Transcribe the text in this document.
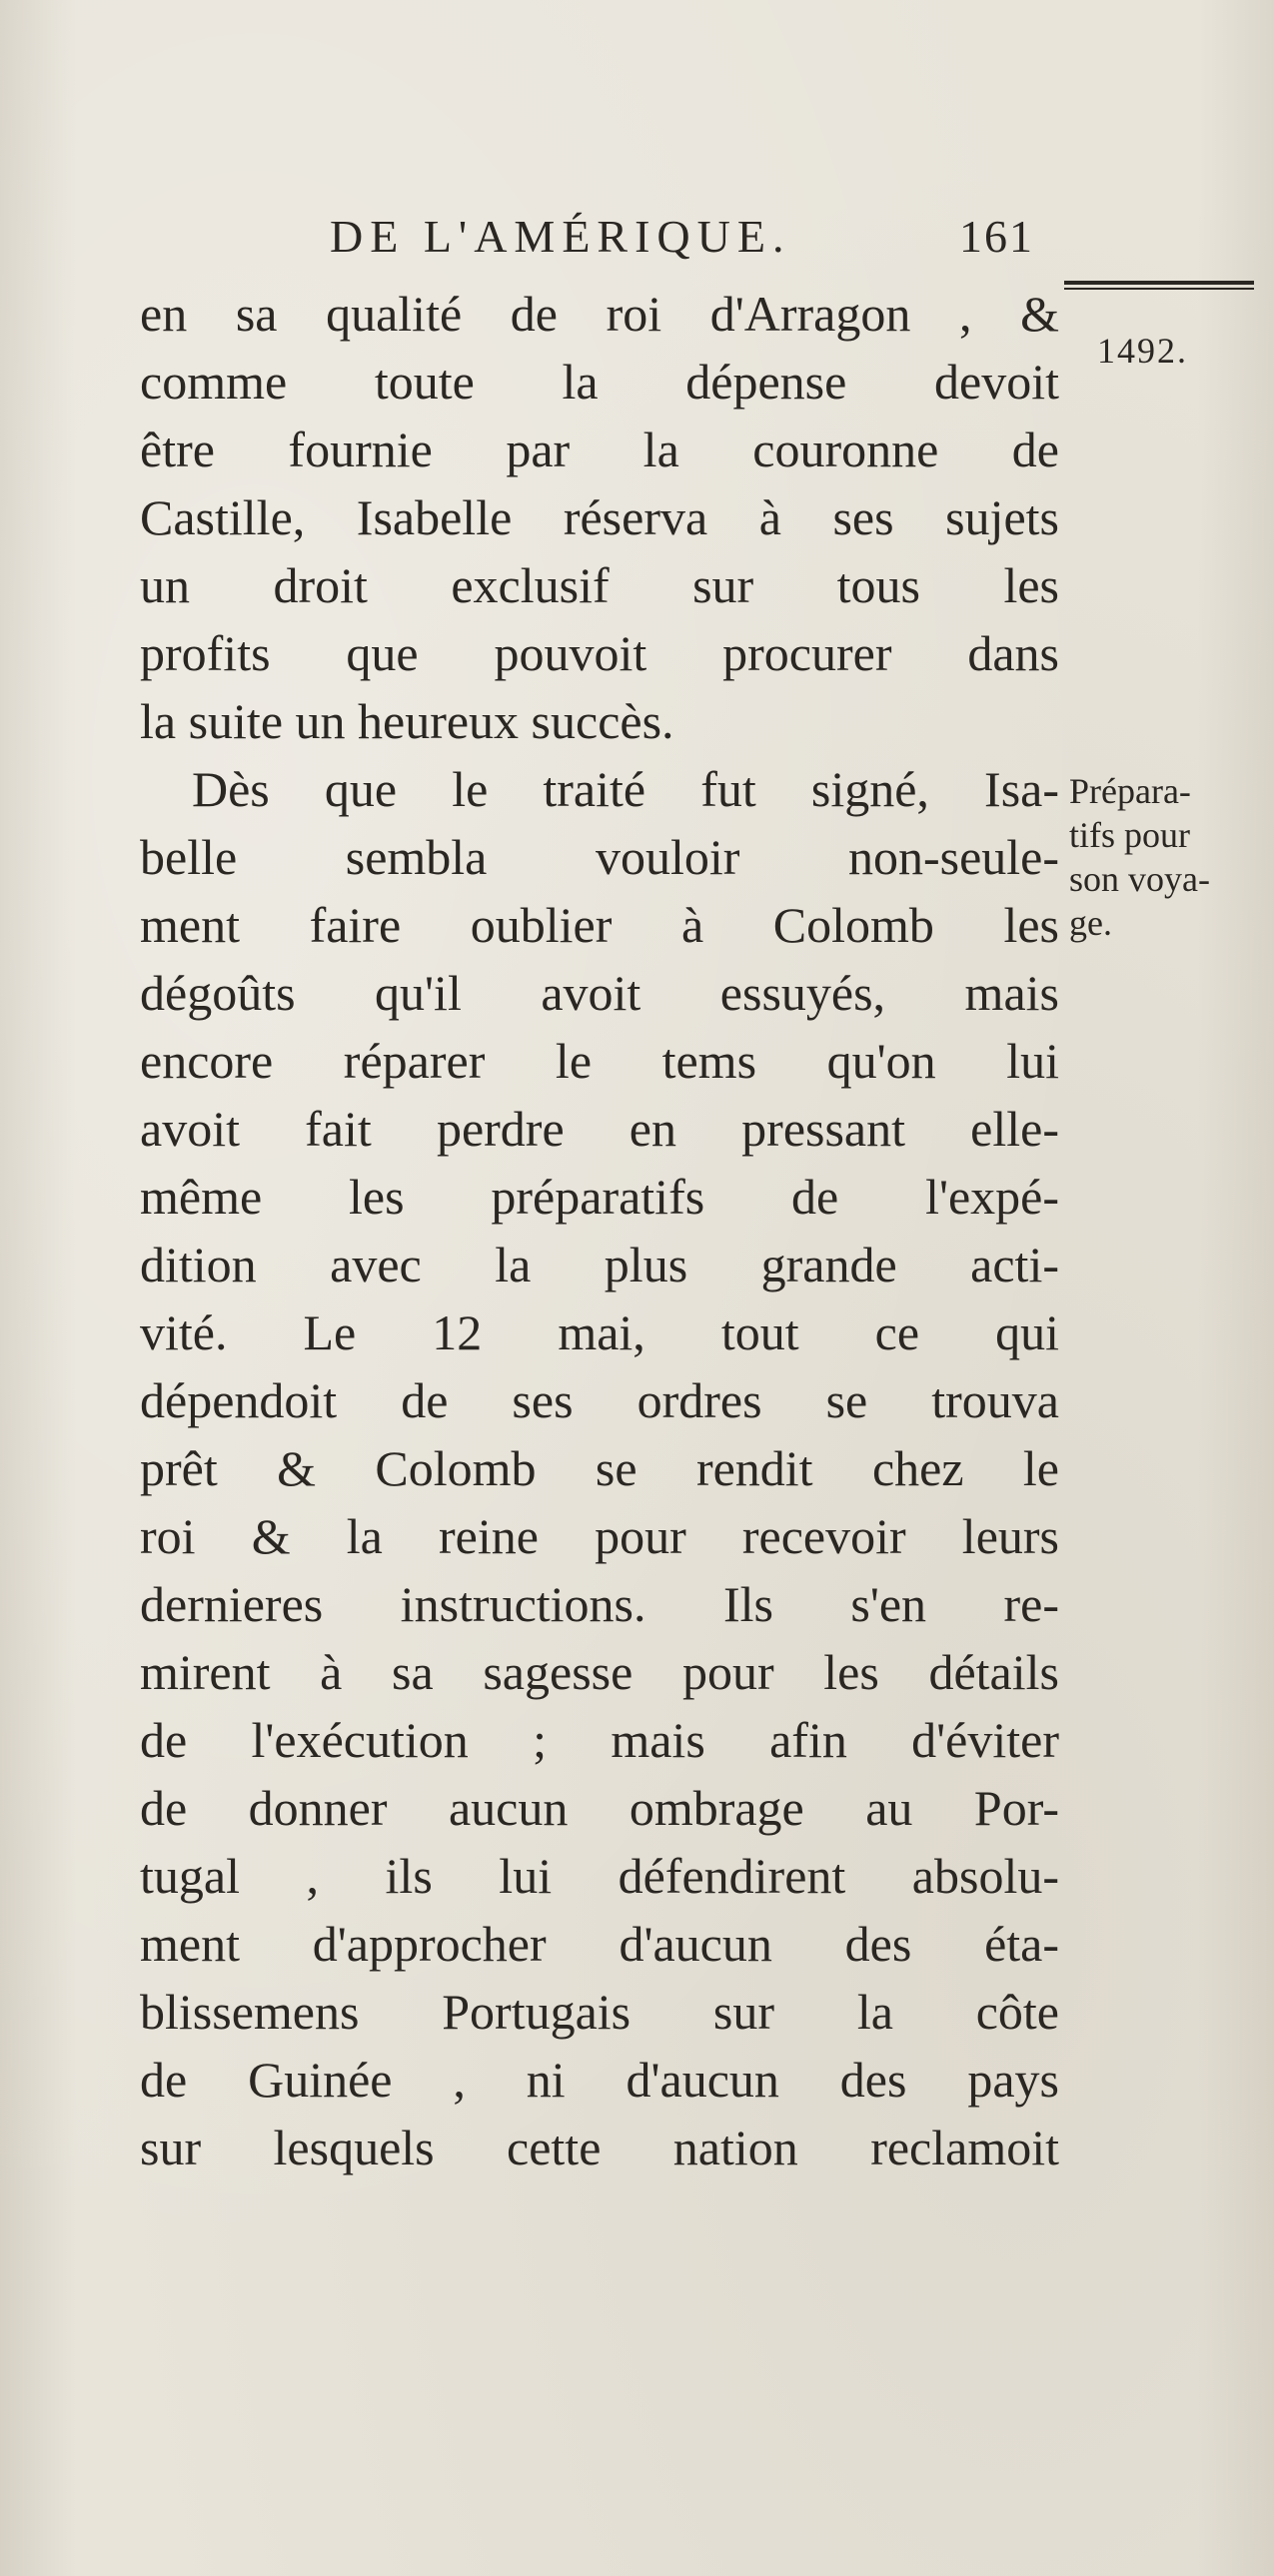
DE L'AMÉRIQUE.	161
1492.
Prépara-
tifs pour
son voya-
ge.
en sa qualité de roi d'Arragon , &
comme toute la dépense devoit
être fournie par la couronne de
Castille, Isabelle réserva à ses sujets
un droit exclusif sur tous les
profits que pouvoit procurer dans
la suite un heureux succès.
Dès que le traité fut signé, Isa-
belle sembla vouloir non-seule-
ment faire oublier à Colomb les
dégoûts qu'il avoit essuyés, mais
encore réparer le tems qu'on lui
avoit fait perdre en pressant elle-
même les préparatifs de l'expé-
dition avec la plus grande acti-
vité. Le 12 mai, tout ce qui
dépendoit de ses ordres se trouva
prêt & Colomb se rendit chez le
roi & la reine pour recevoir leurs
dernieres instructions. Ils s'en re-
mirent à sa sagesse pour les détails
de l'exécution ; mais afin d'éviter
de donner aucun ombrage au Por-
tugal , ils lui défendirent absolu-
ment d'approcher d'aucun des éta-
blissemens Portugais sur la côte
de Guinée , ni d'aucun des pays
sur lesquels cette nation reclamoit
